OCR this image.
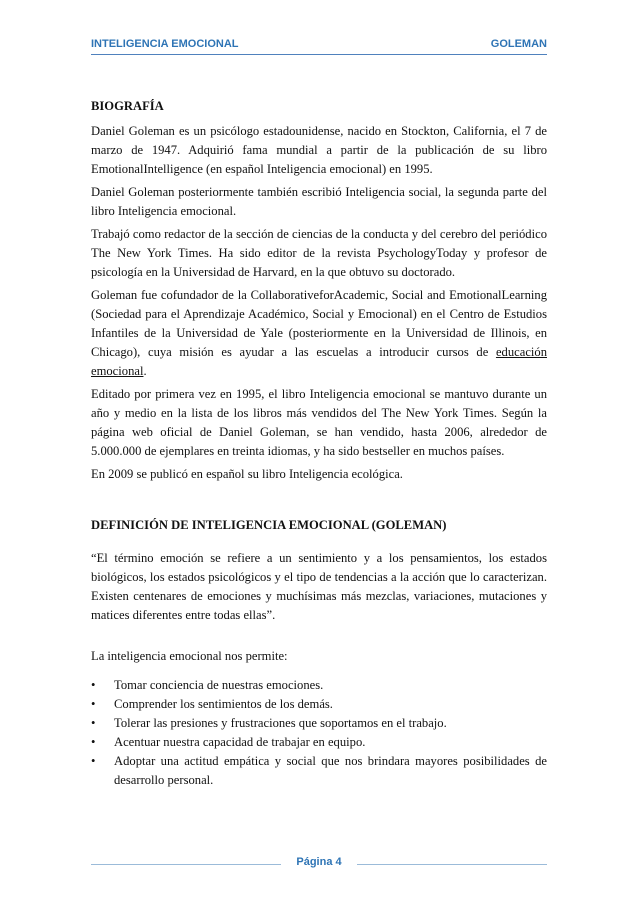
INTELIGENCIA EMOCIONAL	GOLEMAN
BIOGRAFÍA

Daniel Goleman es un psicólogo estadounidense, nacido en Stockton, California, el 7 de marzo de 1947. Adquirió fama mundial a partir de la publicación de su libro EmotionalIntelligence (en español Inteligencia emocional) en 1995.

Daniel Goleman posteriormente también escribió Inteligencia social, la segunda parte del libro Inteligencia emocional.

Trabajó como redactor de la sección de ciencias de la conducta y del cerebro del periódico The New York Times. Ha sido editor de la revista PsychologyToday y profesor de psicología en la Universidad de Harvard, en la que obtuvo su doctorado.

Goleman fue cofundador de la CollaborativeforAcademic, Social and EmotionalLearning (Sociedad para el Aprendizaje Académico, Social y Emocional) en el Centro de Estudios Infantiles de la Universidad de Yale (posteriormente en la Universidad de Illinois, en Chicago), cuya misión es ayudar a las escuelas a introducir cursos de educación emocional.

Editado por primera vez en 1995, el libro Inteligencia emocional se mantuvo durante un año y medio en la lista de los libros más vendidos del The New York Times. Según la página web oficial de Daniel Goleman, se han vendido, hasta 2006, alrededor de 5.000.000 de ejemplares en treinta idiomas, y ha sido bestseller en muchos países.

En 2009 se publicó en español su libro Inteligencia ecológica.

DEFINICIÓN DE INTELIGENCIA EMOCIONAL (GOLEMAN)

“El término emoción se refiere a un sentimiento y a los pensamientos, los estados biológicos, los estados psicológicos y el tipo de tendencias a la acción que lo caracterizan. Existen centenares de emociones y muchísimas más mezclas, variaciones, mutaciones y matices diferentes entre todas ellas”.

La inteligencia emocional nos permite:

• Tomar conciencia de nuestras emociones.
• Comprender los sentimientos de los demás.
• Tolerar las presiones y frustraciones que soportamos en el trabajo.
• Acentuar nuestra capacidad de trabajar en equipo.
• Adoptar una actitud empática y social que nos brindara mayores posibilidades de desarrollo personal.
Página 4
